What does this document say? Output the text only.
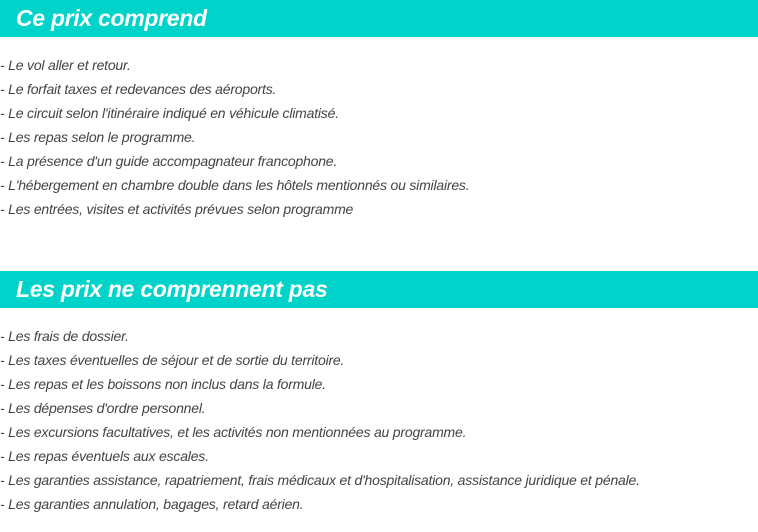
Ce prix comprend
- Le vol aller et retour.
- Le forfait taxes et redevances des aéroports.
- Le circuit selon l'itinéraire indiqué en véhicule climatisé.
- Les repas selon le programme.
- La présence d'un guide accompagnateur francophone.
- L'hébergement en chambre double dans les hôtels mentionnés ou similaires.
- Les entrées, visites et activités prévues selon programme
Les prix ne comprennent pas
- Les frais de dossier.
- Les taxes éventuelles de séjour et de sortie du territoire.
- Les repas et les boissons non inclus dans la formule.
- Les dépenses d'ordre personnel.
- Les excursions facultatives, et les activités non mentionnées au programme.
- Les repas éventuels aux escales.
- Les garanties assistance, rapatriement, frais médicaux et d'hospitalisation, assistance juridique et pénale.
- Les garanties annulation, bagages, retard aérien.
